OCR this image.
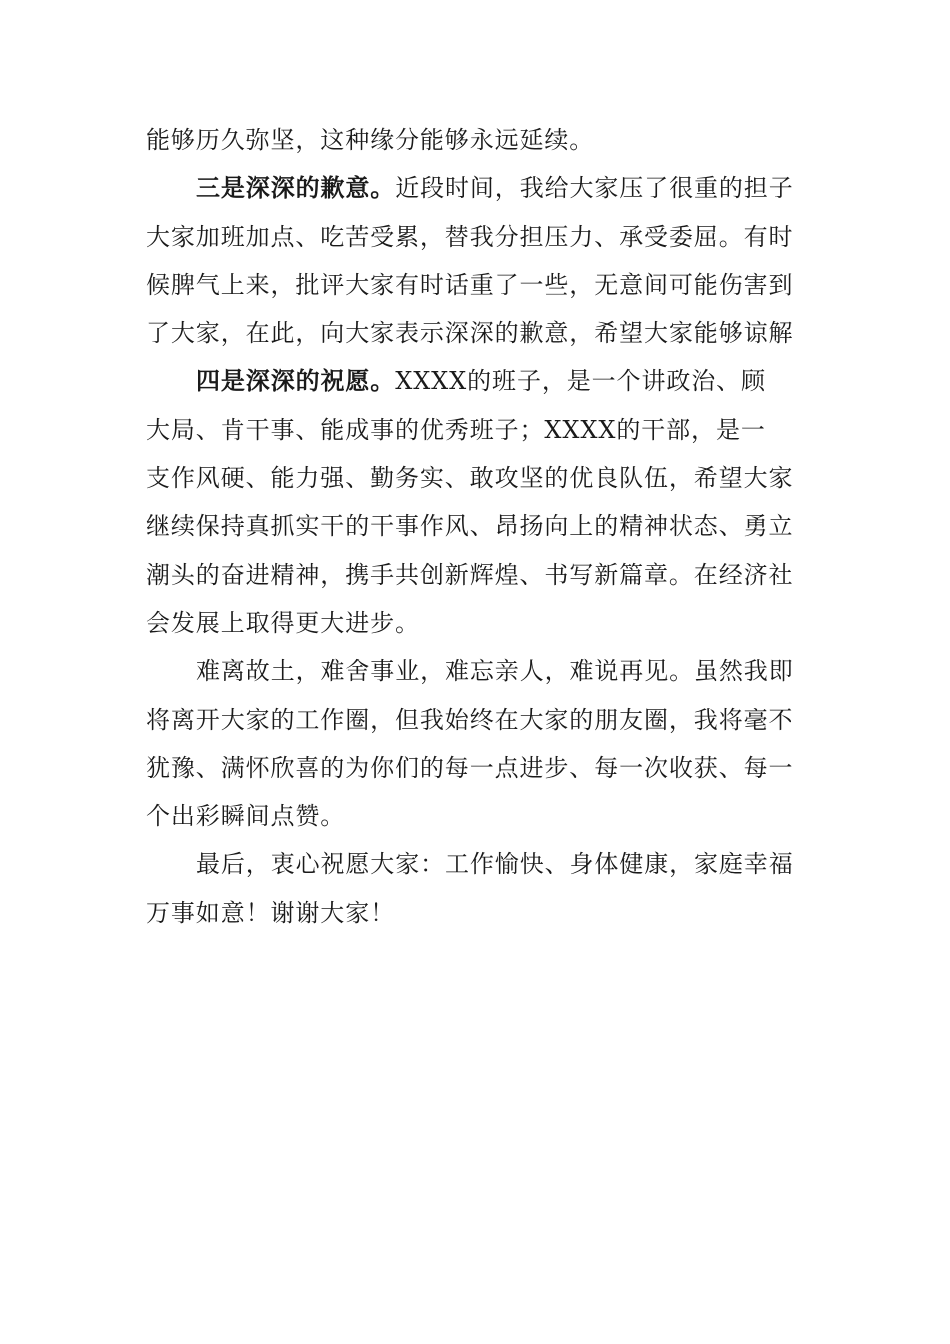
能够历久弥坚，这种缘分能够永远延续。
三是深深的歉意。近段时间，我给大家压了很重的担子
大家加班加点、吃苦受累，替我分担压力、承受委屈。有时
候脾气上来，批评大家有时话重了一些，无意间可能伤害到
了大家，在此，向大家表示深深的歉意，希望大家能够谅解
四是深深的祝愿。XXXX的班子，是一个讲政治、顾
大局、肯干事、能成事的优秀班子；XXXX的干部，是一
支作风硬、能力强、勤务实、敢攻坚的优良队伍，希望大家
继续保持真抓实干的干事作风、昂扬向上的精神状态、勇立
潮头的奋进精神，携手共创新辉煌、书写新篇章。在经济社
会发展上取得更大进步。
难离故土，难舍事业，难忘亲人，难说再见。虽然我即
将离开大家的工作圈，但我始终在大家的朋友圈，我将毫不
犹豫、满怀欣喜的为你们的每一点进步、每一次收获、每一
个出彩瞬间点赞。
最后，衷心祝愿大家：工作愉快、身体健康，家庭幸福
万事如意！谢谢大家！
